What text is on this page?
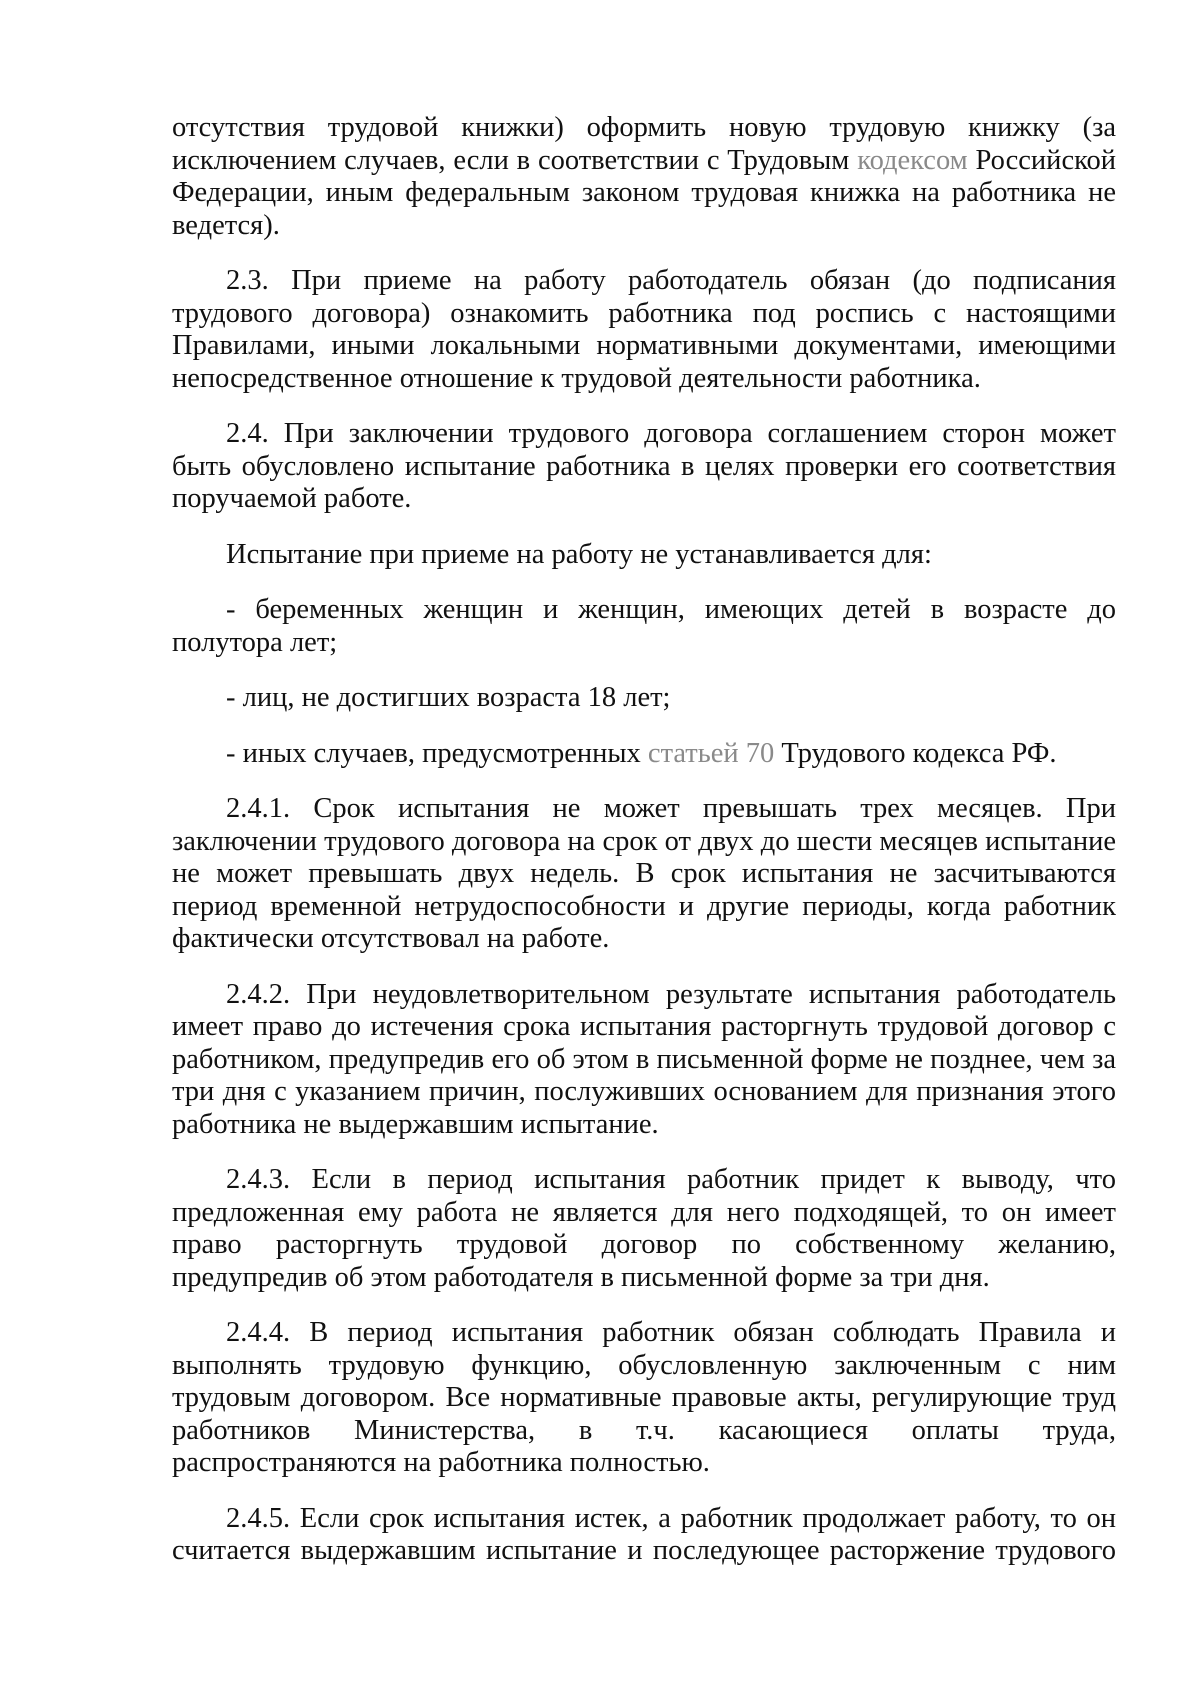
отсутствия трудовой книжки) оформить новую трудовую книжку (за исключением случаев, если в соответствии с Трудовым кодексом Российской Федерации, иным федеральным законом трудовая книжка на работника не ведется).

2.3. При приеме на работу работодатель обязан (до подписания трудового договора) ознакомить работника под роспись с настоящими Правилами, иными локальными нормативными документами, имеющими непосредственное отношение к трудовой деятельности работника.

2.4. При заключении трудового договора соглашением сторон может быть обусловлено испытание работника в целях проверки его соответствия поручаемой работе.

Испытание при приеме на работу не устанавливается для:

- беременных женщин и женщин, имеющих детей в возрасте до полутора лет;

- лиц, не достигших возраста 18 лет;

- иных случаев, предусмотренных статьей 70 Трудового кодекса РФ.

2.4.1. Срок испытания не может превышать трех месяцев. При заключении трудового договора на срок от двух до шести месяцев испытание не может превышать двух недель. В срок испытания не засчитываются период временной нетрудоспособности и другие периоды, когда работник фактически отсутствовал на работе.

2.4.2. При неудовлетворительном результате испытания работодатель имеет право до истечения срока испытания расторгнуть трудовой договор с работником, предупредив его об этом в письменной форме не позднее, чем за три дня с указанием причин, послуживших основанием для признания этого работника не выдержавшим испытание.

2.4.3. Если в период испытания работник придет к выводу, что предложенная ему работа не является для него подходящей, то он имеет право расторгнуть трудовой договор по собственному желанию, предупредив об этом работодателя в письменной форме за три дня.

2.4.4. В период испытания работник обязан соблюдать Правила и выполнять трудовую функцию, обусловленную заключенным с ним трудовым договором. Все нормативные правовые акты, регулирующие труд работников Министерства, в т.ч. касающиеся оплаты труда, распространяются на работника полностью.

2.4.5. Если срок испытания истек, а работник продолжает работу, то он считается выдержавшим испытание и последующее расторжение трудового
